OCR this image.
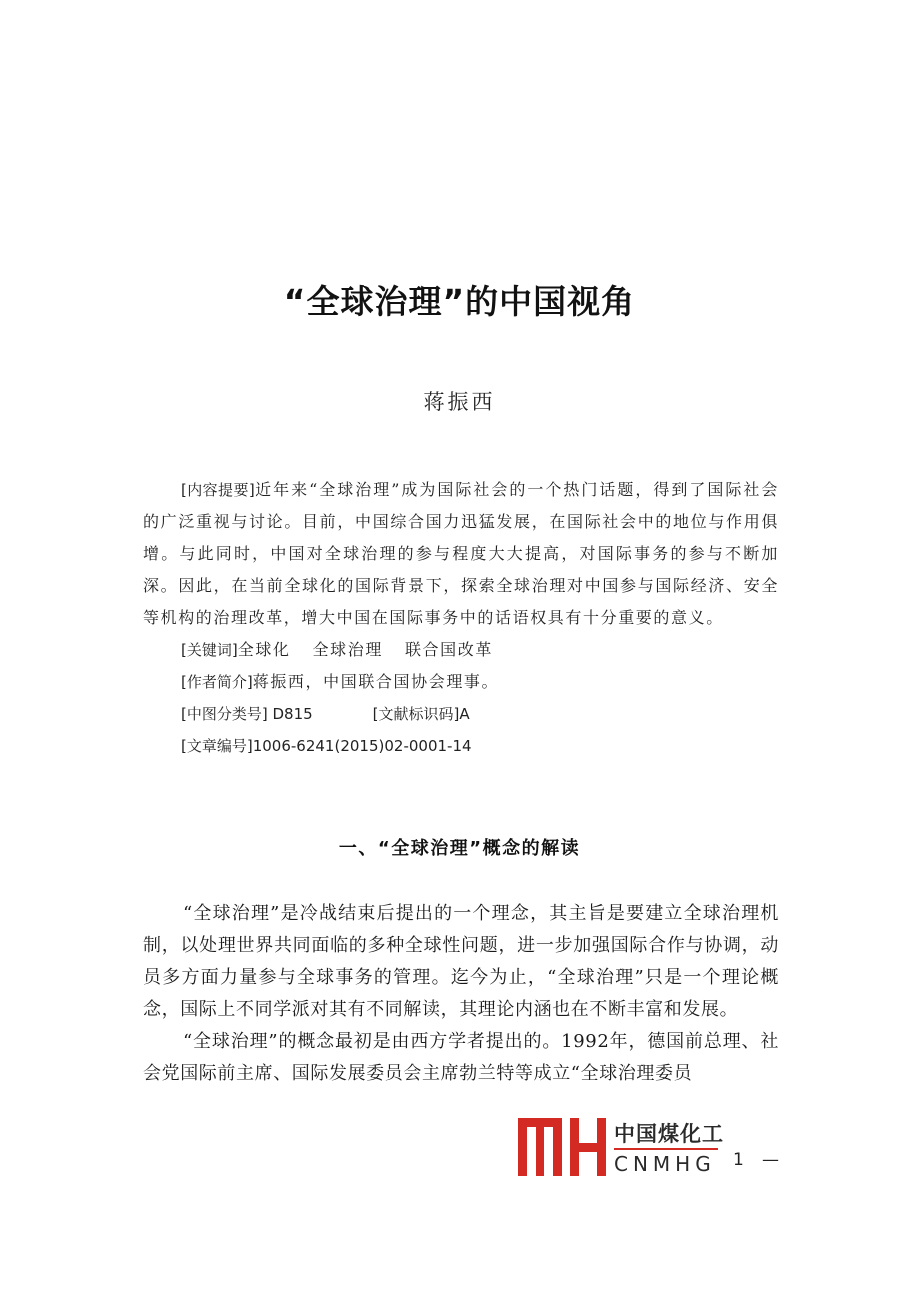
“全球治理”的中国视角
蒋振西

[内容提要]近年来“全球治理”成为国际社会的一个热门话题，得到了国际社会的广泛重视与讨论。目前，中国综合国力迅猛发展，在国际社会中的地位与作用俱增。与此同时，中国对全球治理的参与程度大大提高，对国际事务的参与不断加深。因此，在当前全球化的国际背景下，探索全球治理对中国参与国际经济、安全等机构的治理改革，增大中国在国际事务中的话语权具有十分重要的意义。

[关键词]全球化 全球治理 联合国改革

[作者简介]蒋振西，中国联合国协会理事。

[中图分类号] D815	[文献标识码]A

[文章编号]1006-6241(2015)02-0001-14

一、“全球治理”概念的解读

“全球治理”是冷战结束后提出的一个理念，其主旨是要建立全球治理机制，以处理世界共同面临的多种全球性问题，进一步加强国际合作与协调，动员多方面力量参与全球事务的管理。迄今为止，“全球治理”只是一个理论概念，国际上不同学派对其有不同解读，其理论内涵也在不断丰富和发展。

“全球治理”的概念最初是由西方学者提出的。1992年，德国前总理、社会党国际前主席、国际发展委员会主席勃兰特等成立“全球治理委员

中国煤化工
CNMHG 1 —
